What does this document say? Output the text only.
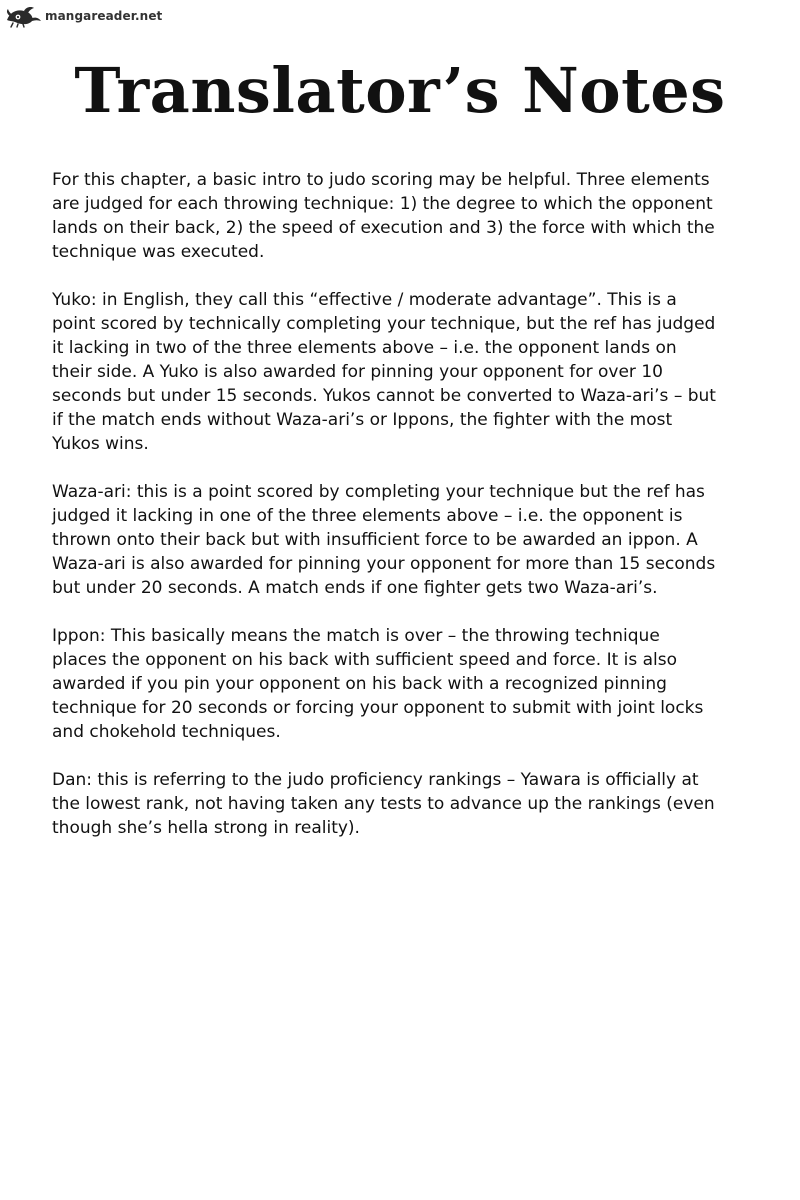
mangareader.net
Translator’s Notes

For this chapter, a basic intro to judo scoring may be helpful. Three elements
are judged for each throwing technique: 1) the degree to which the opponent
lands on their back, 2) the speed of execution and 3) the force with which the
technique was executed.

Yuko: in English, they call this “effective / moderate advantage”. This is a
point scored by technically completing your technique, but the ref has judged
it lacking in two of the three elements above – i.e. the opponent lands on
their side. A Yuko is also awarded for pinning your opponent for over 10
seconds but under 15 seconds. Yukos cannot be converted to Waza-ari’s – but
if the match ends without Waza-ari’s or Ippons, the fighter with the most
Yukos wins.

Waza-ari: this is a point scored by completing your technique but the ref has
judged it lacking in one of the three elements above – i.e. the opponent is
thrown onto their back but with insufficient force to be awarded an ippon. A
Waza-ari is also awarded for pinning your opponent for more than 15 seconds
but under 20 seconds. A match ends if one fighter gets two Waza-ari’s.

Ippon: This basically means the match is over – the throwing technique
places the opponent on his back with sufficient speed and force. It is also
awarded if you pin your opponent on his back with a recognized pinning
technique for 20 seconds or forcing your opponent to submit with joint locks
and chokehold techniques.

Dan: this is referring to the judo proficiency rankings – Yawara is officially at
the lowest rank, not having taken any tests to advance up the rankings (even
though she’s hella strong in reality).
